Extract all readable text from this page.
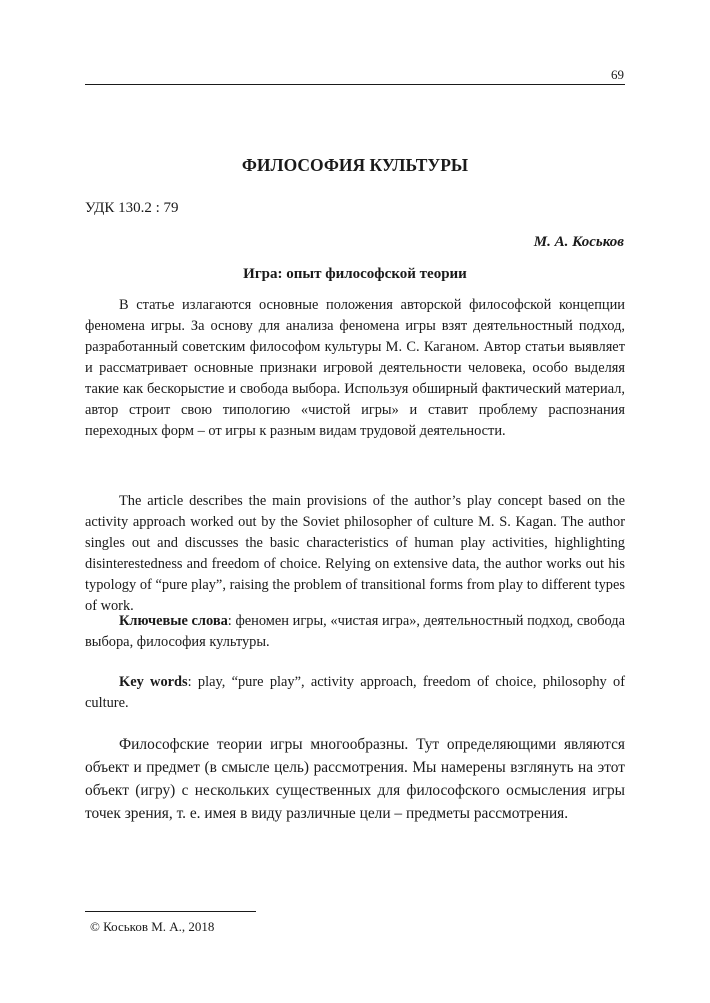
69
ФИЛОСОФИЯ КУЛЬТУРЫ
УДК 130.2 : 79
М. А. Коськов
Игра: опыт философской теории

В статье излагаются основные положения авторской философской концепции феномена игры. За основу для анализа феномена игры взят деятельностный подход, разработанный советским философом культуры М. С. Каганом. Автор статьи выявляет и рассматривает основные признаки игровой деятельности человека, особо выделяя такие как бескорыстие и свобода выбора. Используя обширный фактический материал, автор строит свою типологию «чистой игры» и ставит проблему распознания переходных форм – от игры к разным видам трудовой деятельности.

The article describes the main provisions of the author’s play concept based on the activity approach worked out by the Soviet philosopher of culture M. S. Kagan. The author singles out and discusses the basic characteristics of human play activities, highlighting disinterestedness and freedom of choice. Relying on extensive data, the author works out his typology of “pure play”, raising the problem of transitional forms from play to different types of work.

Ключевые слова: феномен игры, «чистая игра», деятельностный подход, свобода выбора, философия культуры.

Key words: play, “pure play”, activity approach, freedom of choice, philosophy of culture.

Философские теории игры многообразны. Тут определяющими являются объект и предмет (в смысле цель) рассмотрения. Мы намерены взглянуть на этот объект (игру) с нескольких существенных для философского осмысления игры точек зрения, т. е. имея в виду различные цели – предметы рассмотрения.

© Коськов М. А., 2018
